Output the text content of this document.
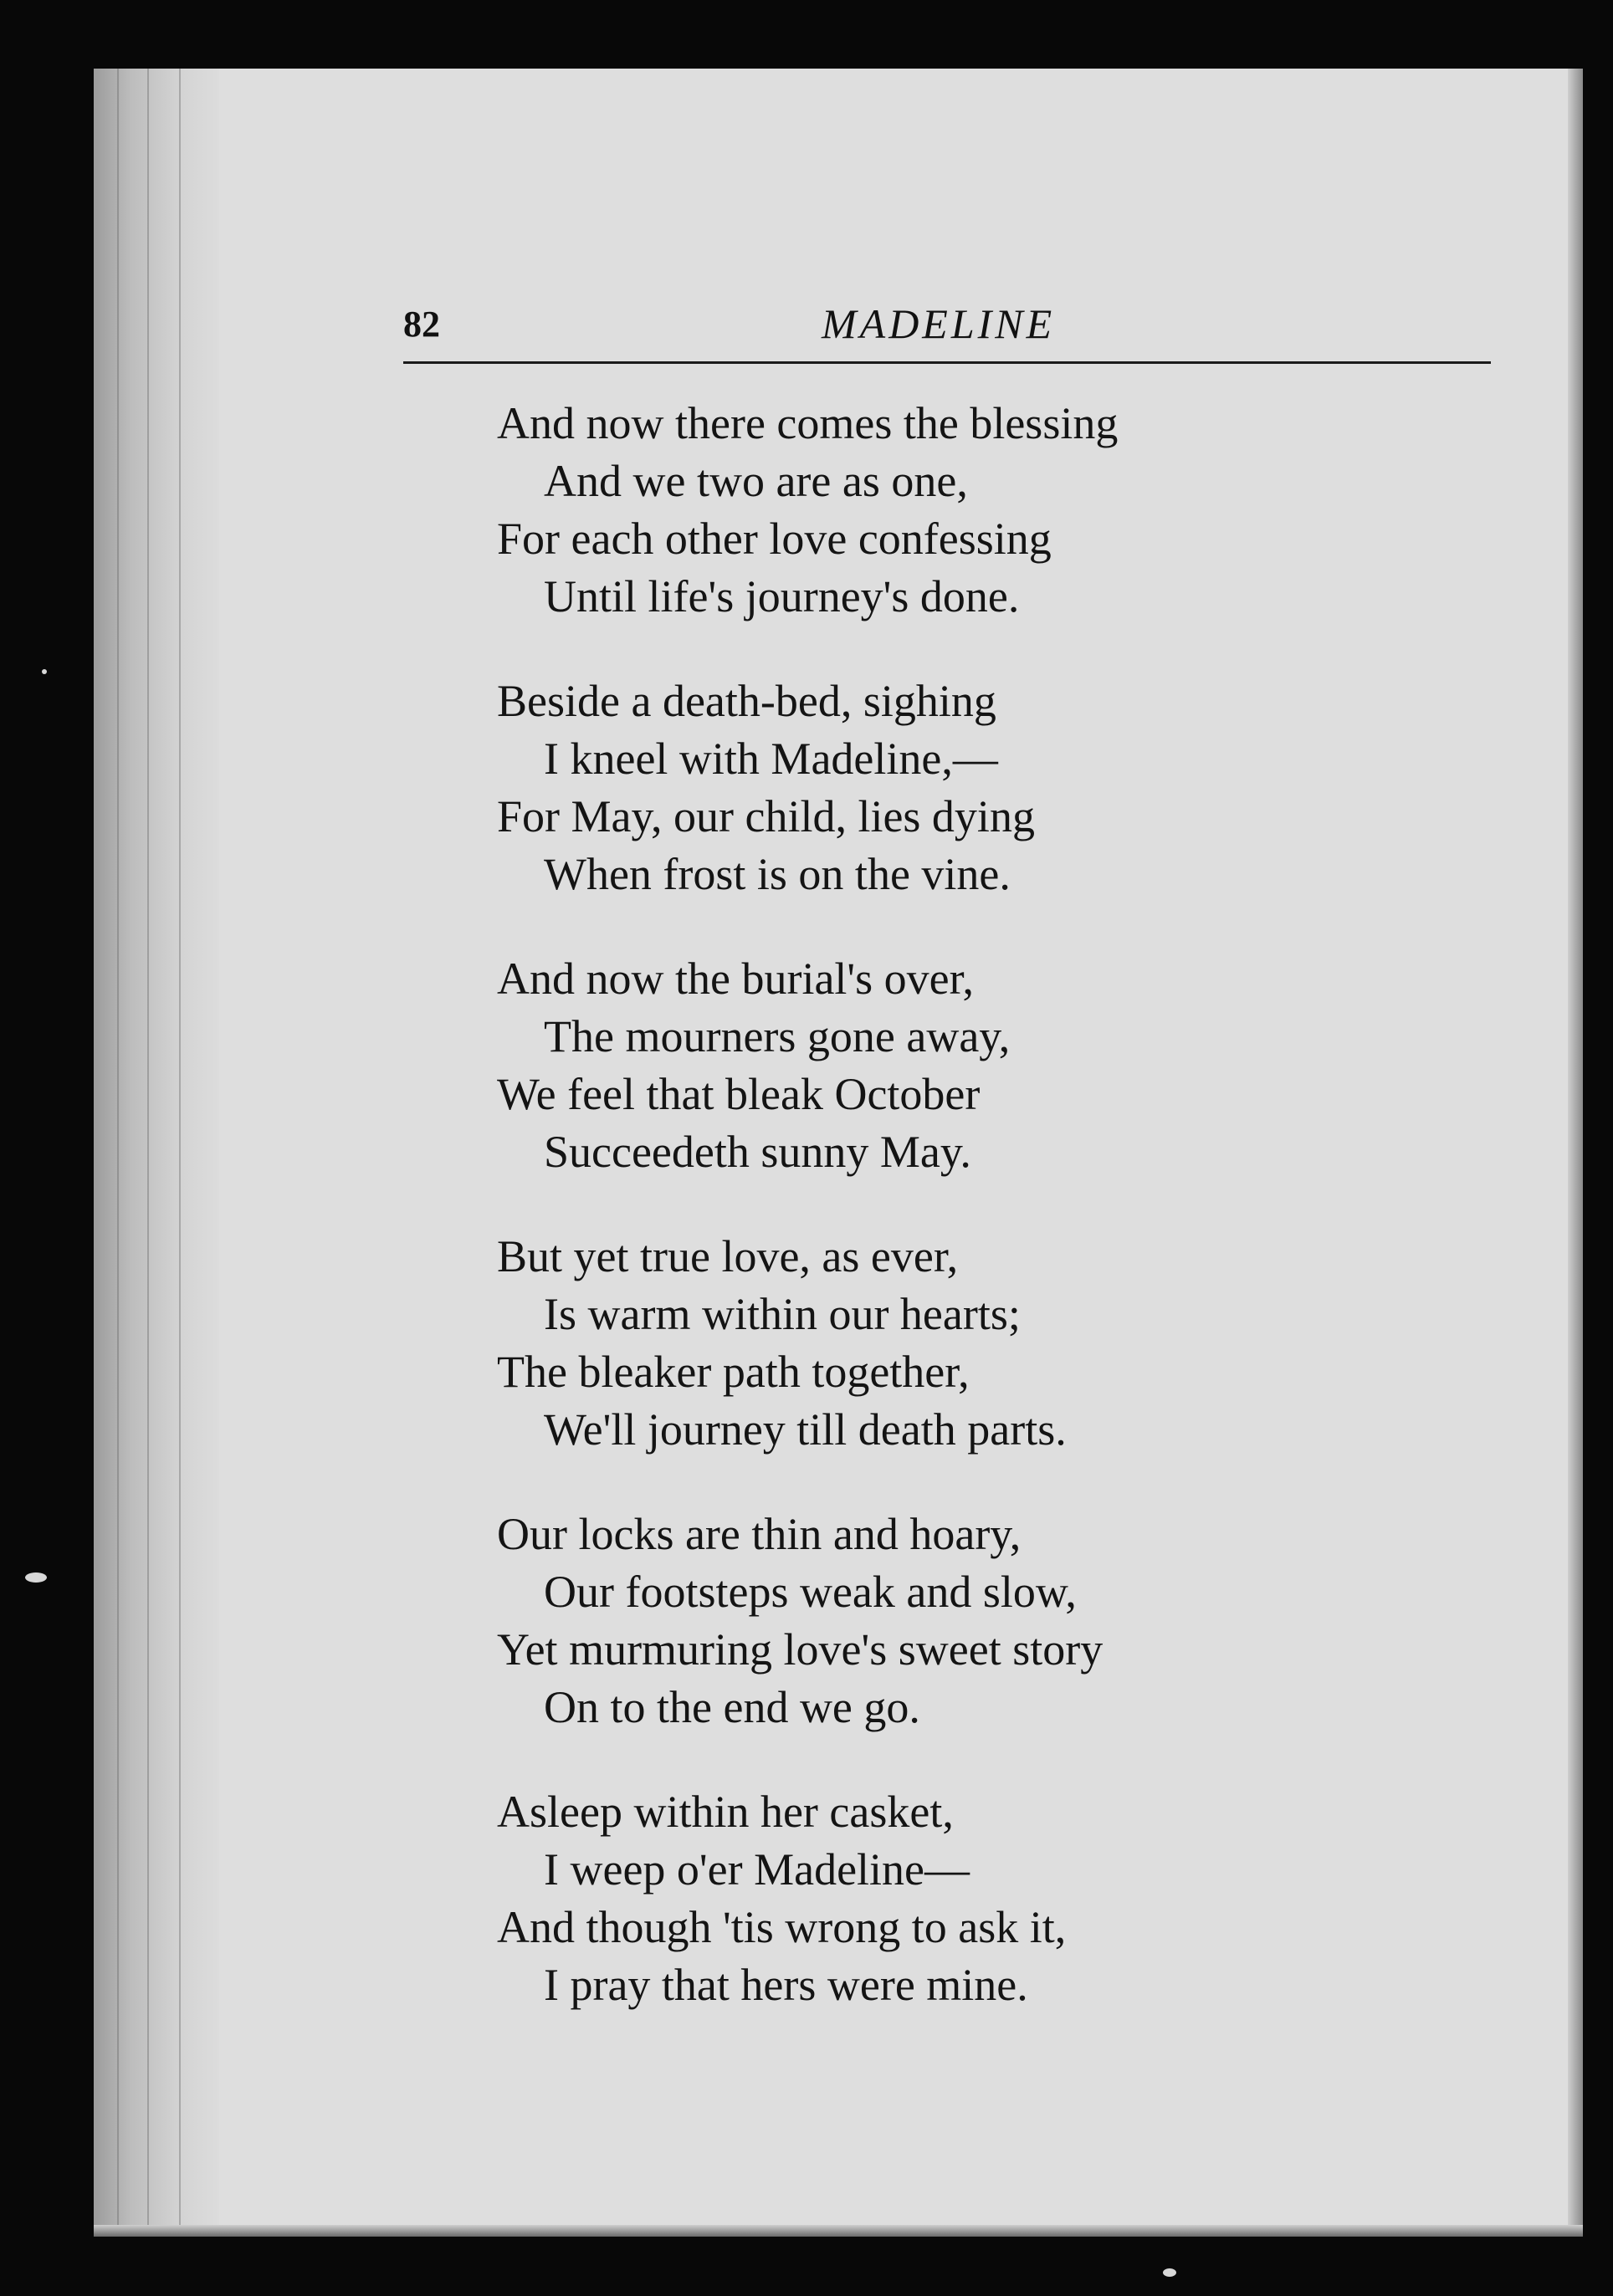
82	MADELINE
And now there comes the blessing
And we two are as one,
For each other love confessing
Until life's journey's done.
Beside a death-bed, sighing
I kneel with Madeline,—
For May, our child, lies dying
When frost is on the vine.
And now the burial's over,
The mourners gone away,
We feel that bleak October
Succeedeth sunny May.
But yet true love, as ever,
Is warm within our hearts;
The bleaker path together,
We'll journey till death parts.
Our locks are thin and hoary,
Our footsteps weak and slow,
Yet murmuring love's sweet story
On to the end we go.
Asleep within her casket,
I weep o'er Madeline—
And though 'tis wrong to ask it,
I pray that hers were mine.
